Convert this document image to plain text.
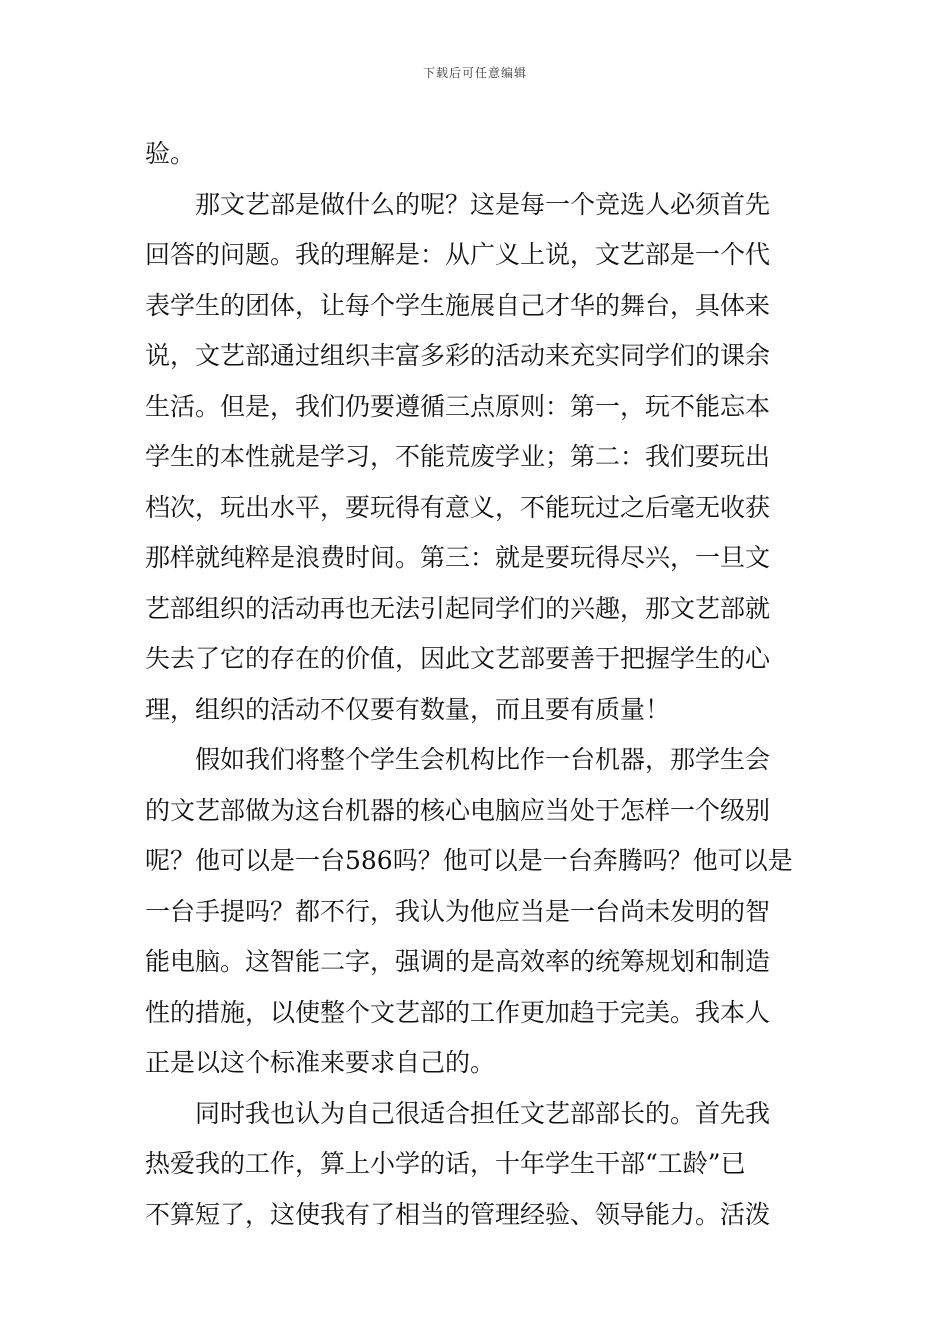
下载后可任意编辑
验。
　　那文艺部是做什么的呢？这是每一个竞选人必须首先
回答的问题。我的理解是：从广义上说，文艺部是一个代
表学生的团体，让每个学生施展自己才华的舞台，具体来
说，文艺部通过组织丰富多彩的活动来充实同学们的课余
生活。但是，我们仍要遵循三点原则：第一，玩不能忘本
学生的本性就是学习，不能荒废学业；第二：我们要玩出
档次，玩出水平，要玩得有意义，不能玩过之后毫无收获
那样就纯粹是浪费时间。第三：就是要玩得尽兴，一旦文
艺部组织的活动再也无法引起同学们的兴趣，那文艺部就
失去了它的存在的价值，因此文艺部要善于把握学生的心
理，组织的活动不仅要有数量，而且要有质量！
　　假如我们将整个学生会机构比作一台机器，那学生会
的文艺部做为这台机器的核心电脑应当处于怎样一个级别
呢？他可以是一台586吗？他可以是一台奔腾吗？他可以是
一台手提吗？都不行，我认为他应当是一台尚未发明的智
能电脑。这智能二字，强调的是高效率的统筹规划和制造
性的措施，以使整个文艺部的工作更加趋于完美。我本人
正是以这个标准来要求自己的。
　　同时我也认为自己很适合担任文艺部部长的。首先我
热爱我的工作，算上小学的话，十年学生干部“工龄”已
不算短了，这使我有了相当的管理经验、领导能力。活泼
